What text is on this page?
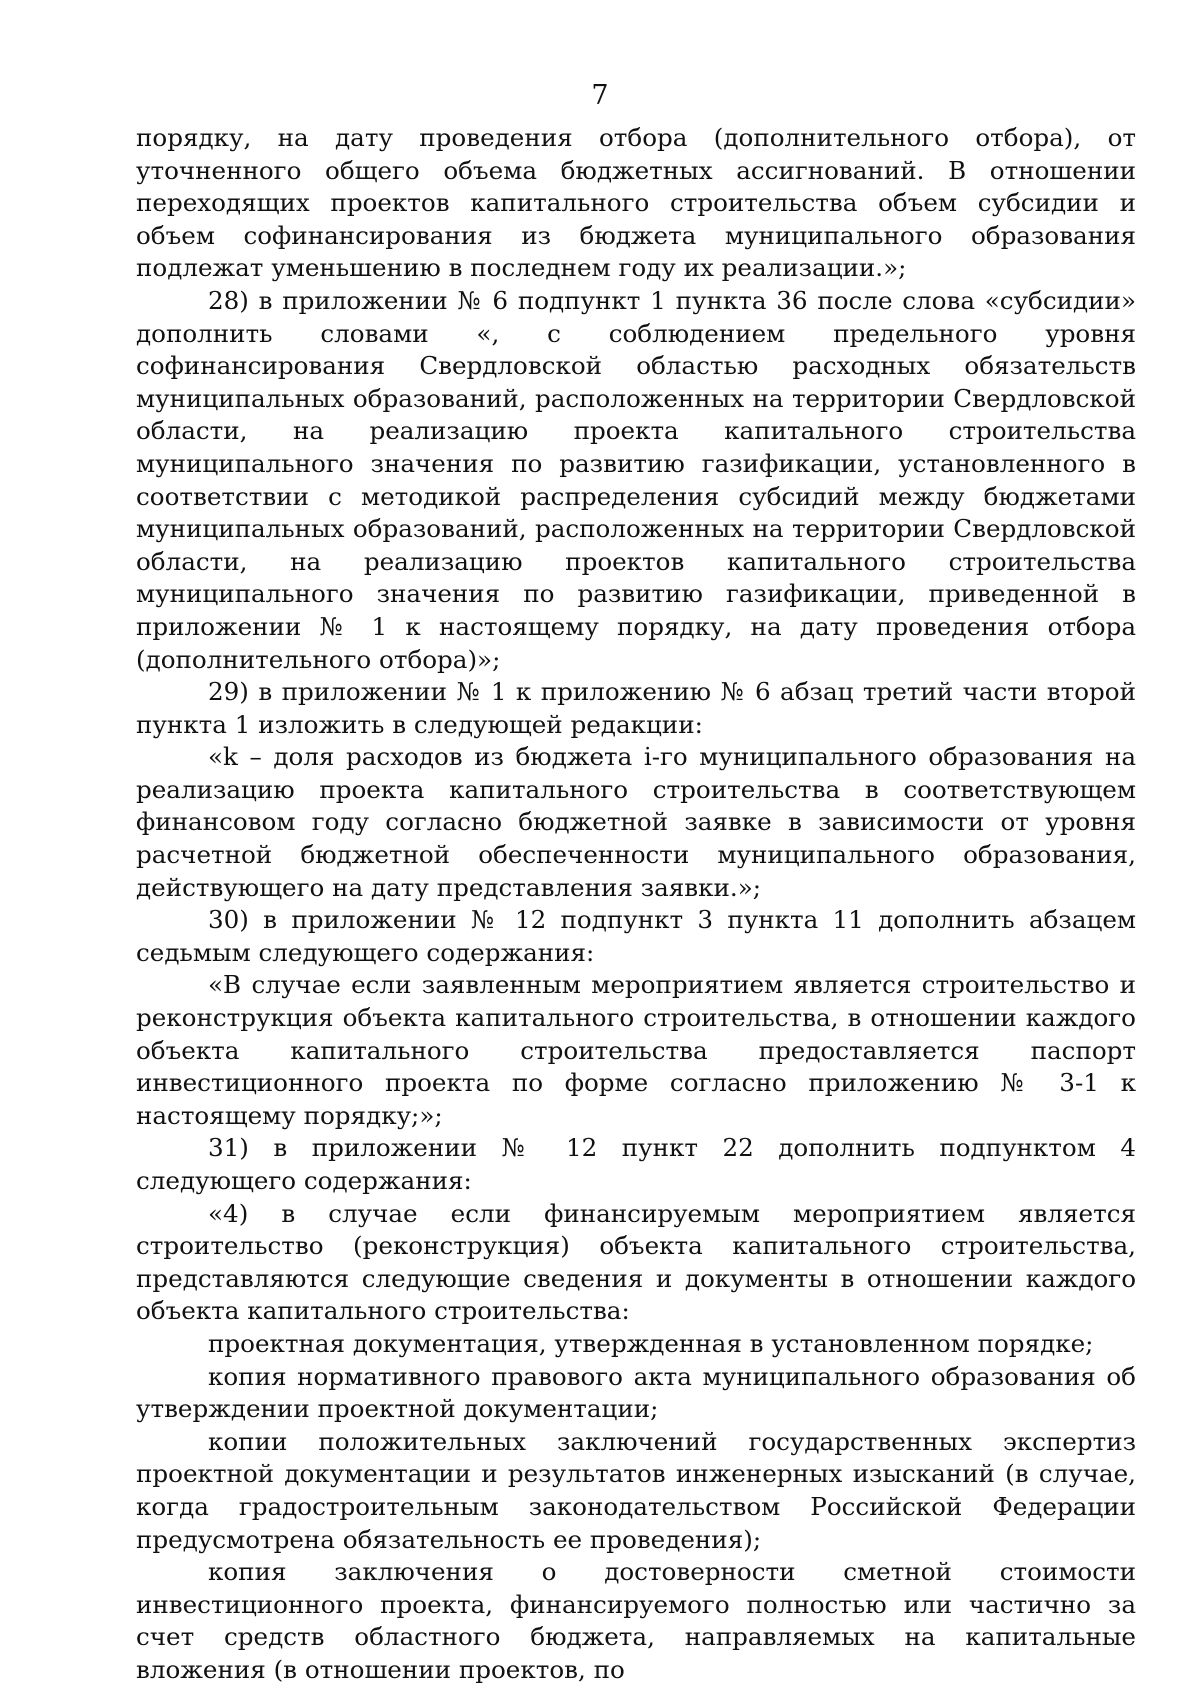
7

порядку, на дату проведения отбора (дополнительного отбора), от уточненного общего объема бюджетных ассигнований. В отношении переходящих проектов капитального строительства объем субсидии и объем софинансирования из бюджета муниципального образования подлежат уменьшению в последнем году их реализации.»;

28) в приложении № 6 подпункт 1 пункта 36 после слова «субсидии» дополнить словами «, с соблюдением предельного уровня софинансирования Свердловской областью расходных обязательств муниципальных образований, расположенных на территории Свердловской области, на реализацию проекта капитального строительства муниципального значения по развитию газификации, установленного в соответствии с методикой распределения субсидий между бюджетами муниципальных образований, расположенных на территории Свердловской области, на реализацию проектов капитального строительства муниципального значения по развитию газификации, приведенной в приложении № 1 к настоящему порядку, на дату проведения отбора (дополнительного отбора)»;

29) в приложении № 1 к приложению № 6 абзац третий части второй пункта 1 изложить в следующей редакции:

«k – доля расходов из бюджета i-го муниципального образования на реализацию проекта капитального строительства в соответствующем финансовом году согласно бюджетной заявке в зависимости от уровня расчетной бюджетной обеспеченности муниципального образования, действующего на дату представления заявки.»;

30) в приложении № 12 подпункт 3 пункта 11 дополнить абзацем седьмым следующего содержания:

«В случае если заявленным мероприятием является строительство и реконструкция объекта капитального строительства, в отношении каждого объекта капитального строительства предоставляется паспорт инвестиционного проекта по форме согласно приложению № 3-1 к настоящему порядку;»;

31) в приложении № 12 пункт 22 дополнить подпунктом 4 следующего содержания:

«4) в случае если финансируемым мероприятием является строительство (реконструкция) объекта капитального строительства, представляются следующие сведения и документы в отношении каждого объекта капитального строительства:

проектная документация, утвержденная в установленном порядке;

копия нормативного правового акта муниципального образования об утверждении проектной документации;

копии положительных заключений государственных экспертиз проектной документации и результатов инженерных изысканий (в случае, когда градостроительным законодательством Российской Федерации предусмотрена обязательность ее проведения);

копия заключения о достоверности сметной стоимости инвестиционного проекта, финансируемого полностью или частично за счет средств областного бюджета, направляемых на капитальные вложения (в отношении проектов, по
